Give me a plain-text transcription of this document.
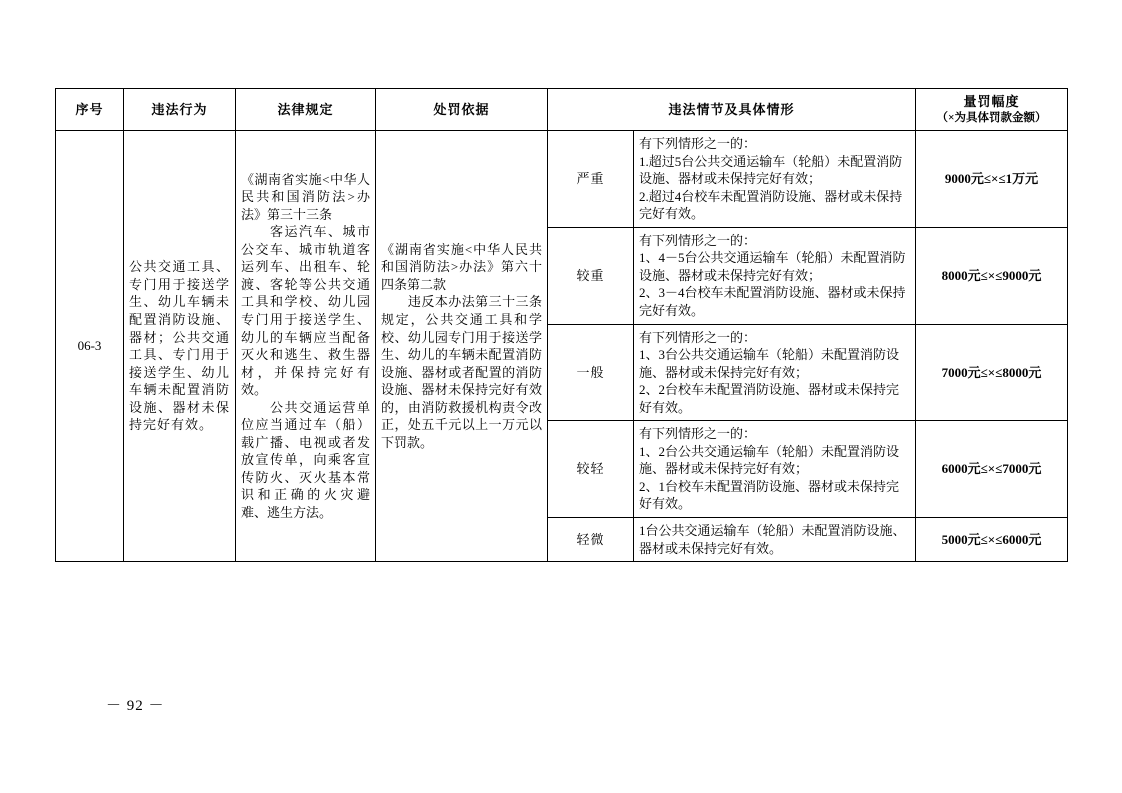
序号	违法行为	法律规定	处罚依据	违法情节及具体情形		量罚幅度
（×为具体罚款金额）

06-3	公共交通工具、专门用于接送学生、幼儿车辆未配置消防设施、器材；公共交通工具、专门用于接送学生、幼儿车辆未配置消防设施、器材未保持完好有效。	《湖南省实施<中华人民共和国消防法>办法》第三十三条
　　客运汽车、城市公交车、城市轨道客运列车、出租车、轮渡、客轮等公共交通工具和学校、幼儿园专门用于接送学生、幼儿的车辆应当配备灭火和逃生、救生器材，并保持完好有效。
　　公共交通运营单位应当通过车（船）载广播、电视或者发放宣传单，向乘客宣传防火、灭火基本常识和正确的火灾避难、逃生方法。	《湖南省实施<中华人民共和国消防法>办法》第六十四条第二款
　　违反本办法第三十三条规定，公共交通工具和学校、幼儿园专门用于接送学生、幼儿的车辆未配置消防设施、器材或者配置的消防设施、器材未保持完好有效的，由消防救援机构责令改正，处五千元以上一万元以下罚款。	严重	有下列情形之一的：
1.超过5台公共交通运输车（轮船）未配置消防设施、器材或未保持完好有效；
2.超过4台校车未配置消防设施、器材或未保持完好有效。	9000元≤×≤1万元
				较重	有下列情形之一的：
1、4－5台公共交通运输车（轮船）未配置消防设施、器材或未保持完好有效；
2、3－4台校车未配置消防设施、器材或未保持完好有效。	8000元≤×≤9000元
				一般	有下列情形之一的：
1、3台公共交通运输车（轮船）未配置消防设施、器材或未保持完好有效；
2、2台校车未配置消防设施、器材或未保持完好有效。	7000元≤×≤8000元
				较轻	有下列情形之一的：
1、2台公共交通运输车（轮船）未配置消防设施、器材或未保持完好有效；
2、1台校车未配置消防设施、器材或未保持完好有效。	6000元≤×≤7000元
				轻微	1台公共交通运输车（轮船）未配置消防设施、器材或未保持完好有效。	5000元≤×≤6000元
－ 92 －
